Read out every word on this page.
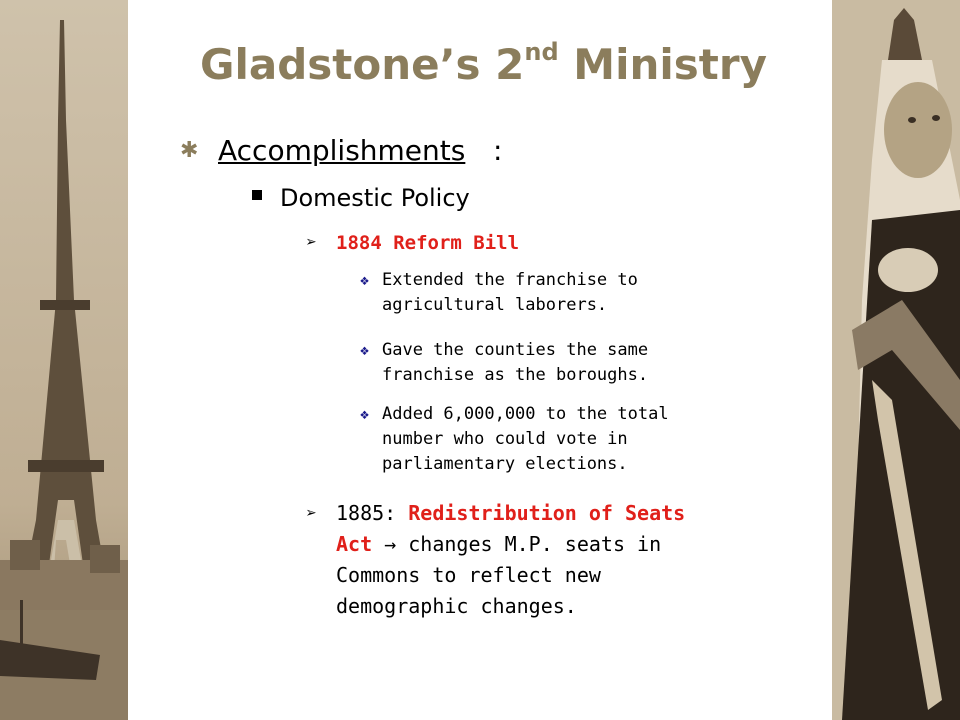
Gladstone’s 2nd Ministry
✱ Accomplishments :
Domestic Policy
➢ 1884 Reform Bill
❖ Extended the franchise to
agricultural laborers.
❖ Gave the counties the same
franchise as the boroughs.
❖ Added 6,000,000 to the total
number who could vote in
parliamentary elections.
➢ 1885: Redistribution of Seats
Act → changes M.P. seats in
Commons to reflect new
demographic changes.
